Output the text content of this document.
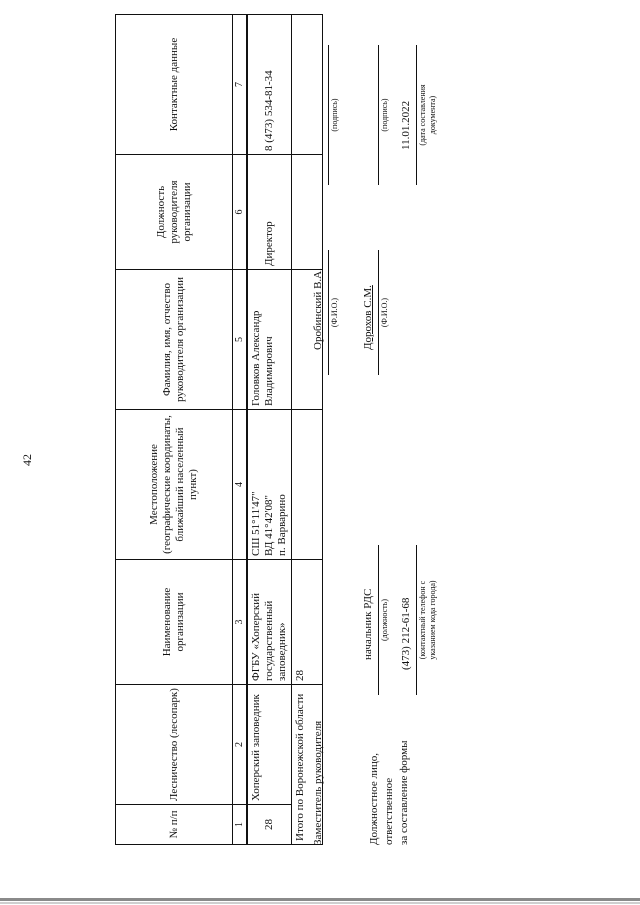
42
№ п/п	Лесничество (лесопарк)	Наименование организации	Местоположение (географические координаты, ближайший населенный пункт)	Фамилия, имя, отчество руководителя организации	Должность руководителя организации	Контактные данные
1	2	3	4	5	6	7
28	Хоперский заповедник	ФГБУ «Хоперский государственный заповедник»	СШ 51°11'47" ВД 41°42'08" п. Варварино	Головков Александр Владимирович	Директор	8 (473) 534-81-34
Итого по Воронежской области		28				
Заместитель руководителя
Оробинский В.А. (Ф.И.О.)
(подпись)
Должностное лицо, ответственное за составление формы
начальник РДС (должность)
Дорохов С.М. (Ф.И.О.)
(подпись)
(473) 212-61-68 (контактный телефон с указанием кода города)
11.01.2022 (дата составления документа)
